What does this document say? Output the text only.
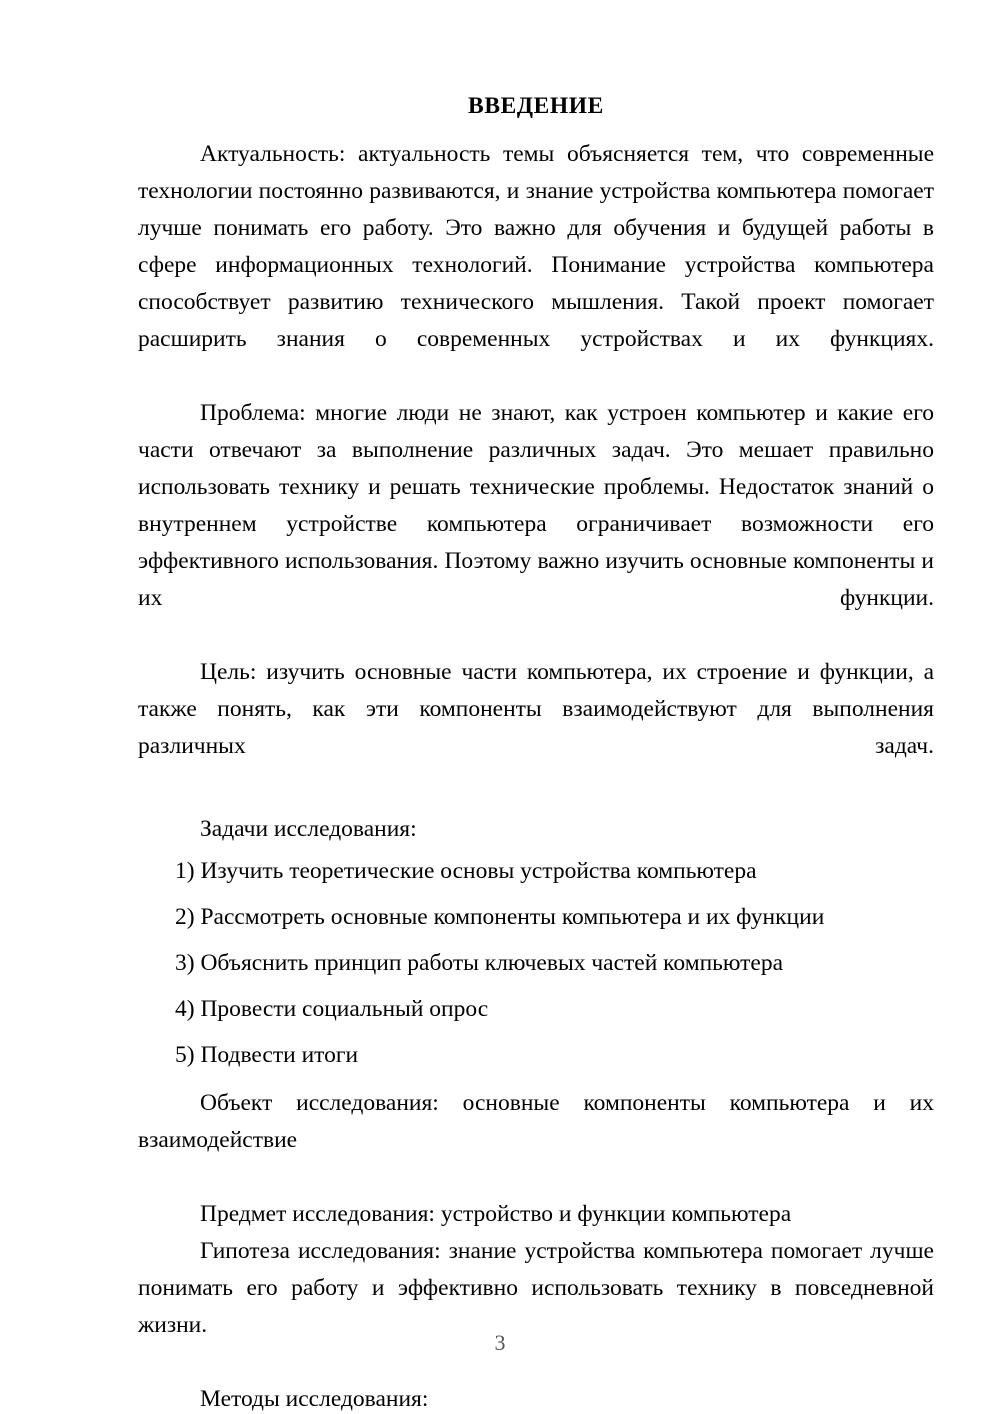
ВВЕДЕНИЕ

Актуальность: актуальность темы объясняется тем, что современные технологии постоянно развиваются, и знание устройства компьютера помогает лучше понимать его работу. Это важно для обучения и будущей работы в сфере информационных технологий. Понимание устройства компьютера способствует развитию технического мышления. Такой проект помогает расширить знания о современных устройствах и их функциях.

Проблема: многие люди не знают, как устроен компьютер и какие его части отвечают за выполнение различных задач. Это мешает правильно использовать технику и решать технические проблемы. Недостаток знаний о внутреннем устройстве компьютера ограничивает возможности его эффективного использования. Поэтому важно изучить основные компоненты и их функции.

Цель: изучить основные части компьютера, их строение и функции, а также понять, как эти компоненты взаимодействуют для выполнения различных задач.

Задачи исследования:

1) Изучить теоретические основы устройства компьютера
2) Рассмотреть основные компоненты компьютера и их функции
3) Объяснить принцип работы ключевых частей компьютера
4) Провести социальный опрос
5) Подвести итоги

Объект исследования: основные компоненты компьютера и их взаимодействие

Предмет исследования: устройство и функции компьютера

Гипотеза исследования: знание устройства компьютера помогает лучше понимать его работу и эффективно использовать технику в повседневной жизни.

Методы исследования:

3
